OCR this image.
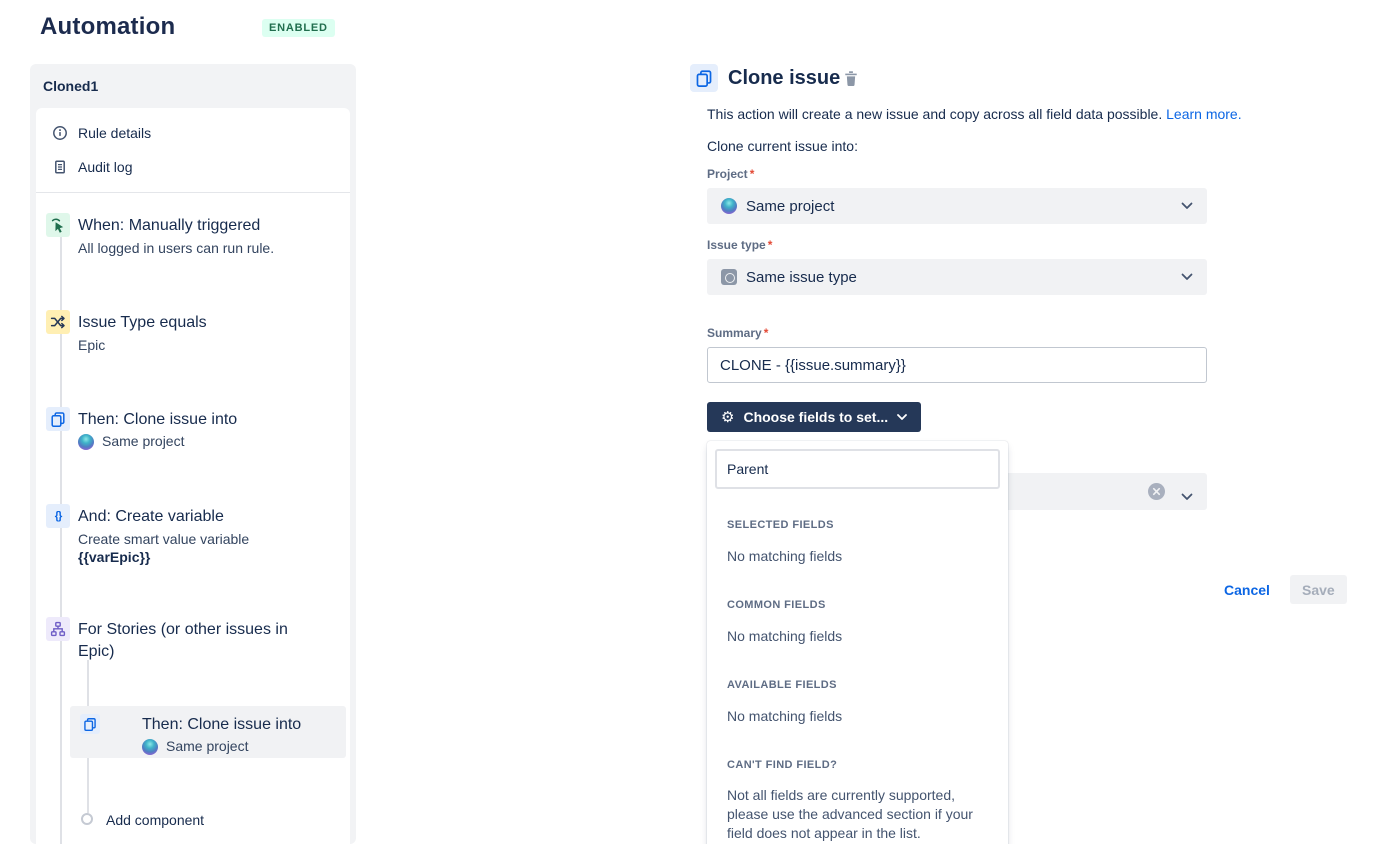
Automation	ENABLED
Cloned1
Rule details
Audit log
When: Manually triggered
All logged in users can run rule.
Issue Type equals
Epic
Then: Clone issue into
Same project
{} And: Create variable
Create smart value variable
{{varEpic}}
For Stories (or other issues in Epic)
Then: Clone issue into
Same project
Add component
Clone issue
This action will create a new issue and copy across all field data possible. Learn more.
Clone current issue into:
Project *
Same project
Issue type *
Same issue type
Summary *
CLONE - {{issue.summary}}
⚙ Choose fields to set...
Parent
SELECTED FIELDS
No matching fields
COMMON FIELDS
No matching fields
AVAILABLE FIELDS
No matching fields
CAN'T FIND FIELD?
Not all fields are currently supported, please use the advanced section if your field does not appear in the list.
Cancel	Save
